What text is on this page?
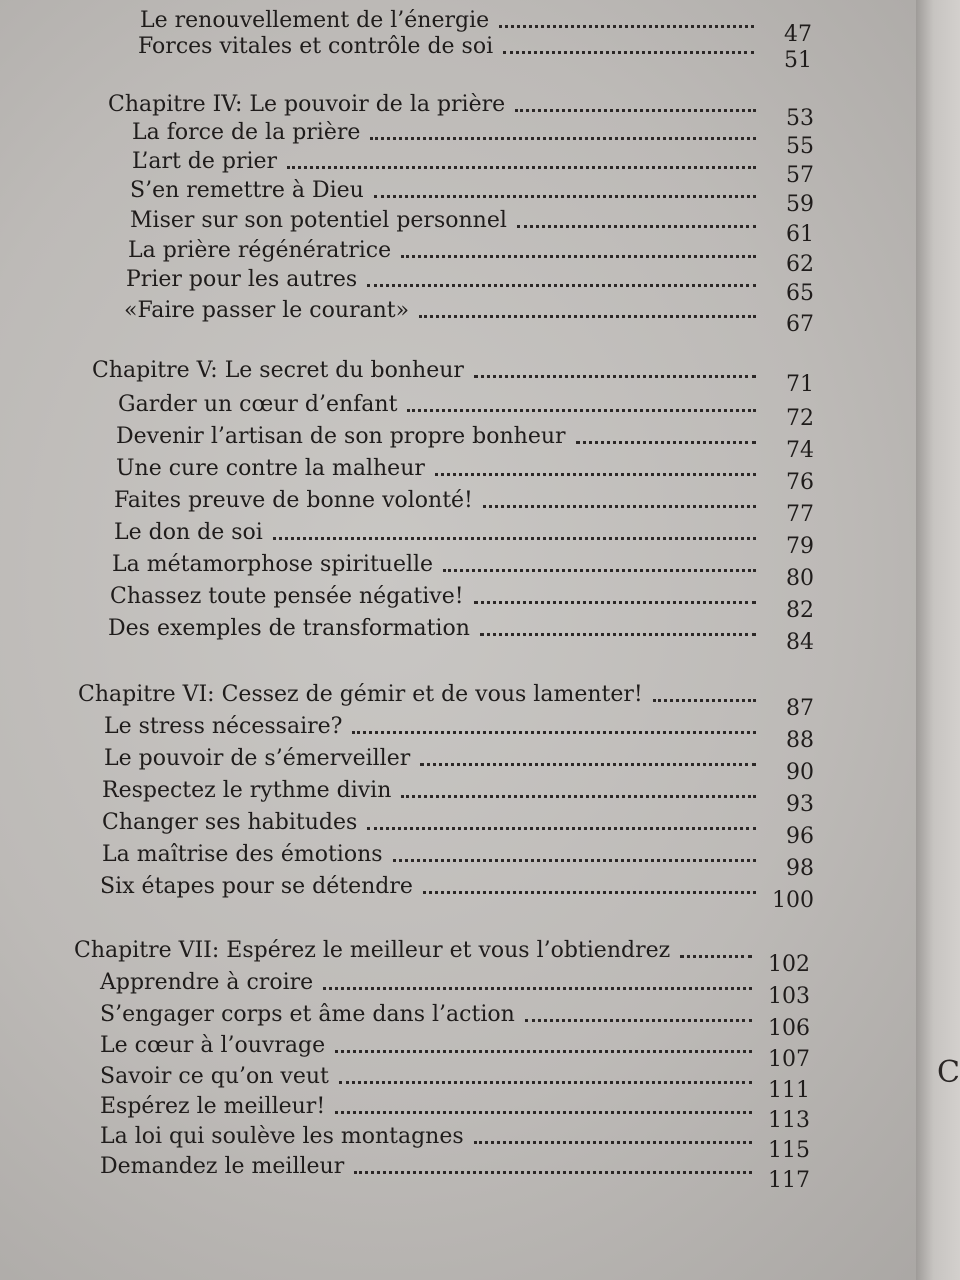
C
Le renouvellement de l’énergie
47
Forces vitales et contrôle de soi
51
Chapitre IV: Le pouvoir de la prière
53
La force de la prière
55
L’art de prier
57
S’en remettre à Dieu
59
Miser sur son potentiel personnel
61
La prière régénératrice
62
Prier pour les autres
65
«Faire passer le courant»
67
Chapitre V: Le secret du bonheur
71
Garder un cœur d’enfant
72
Devenir l’artisan de son propre bonheur
74
Une cure contre la malheur
76
Faites preuve de bonne volonté!
77
Le don de soi
79
La métamorphose spirituelle
80
Chassez toute pensée négative!
82
Des exemples de transformation
84
Chapitre VI: Cessez de gémir et de vous lamenter!
87
Le stress nécessaire?
88
Le pouvoir de s’émerveiller
90
Respectez le rythme divin
93
Changer ses habitudes
96
La maîtrise des émotions
98
Six étapes pour se détendre
100
Chapitre VII: Espérez le meilleur et vous l’obtiendrez
102
Apprendre à croire
103
S’engager corps et âme dans l’action
106
Le cœur à l’ouvrage
107
Savoir ce qu’on veut
111
Espérez le meilleur!
113
La loi qui soulève les montagnes
115
Demandez le meilleur
117
